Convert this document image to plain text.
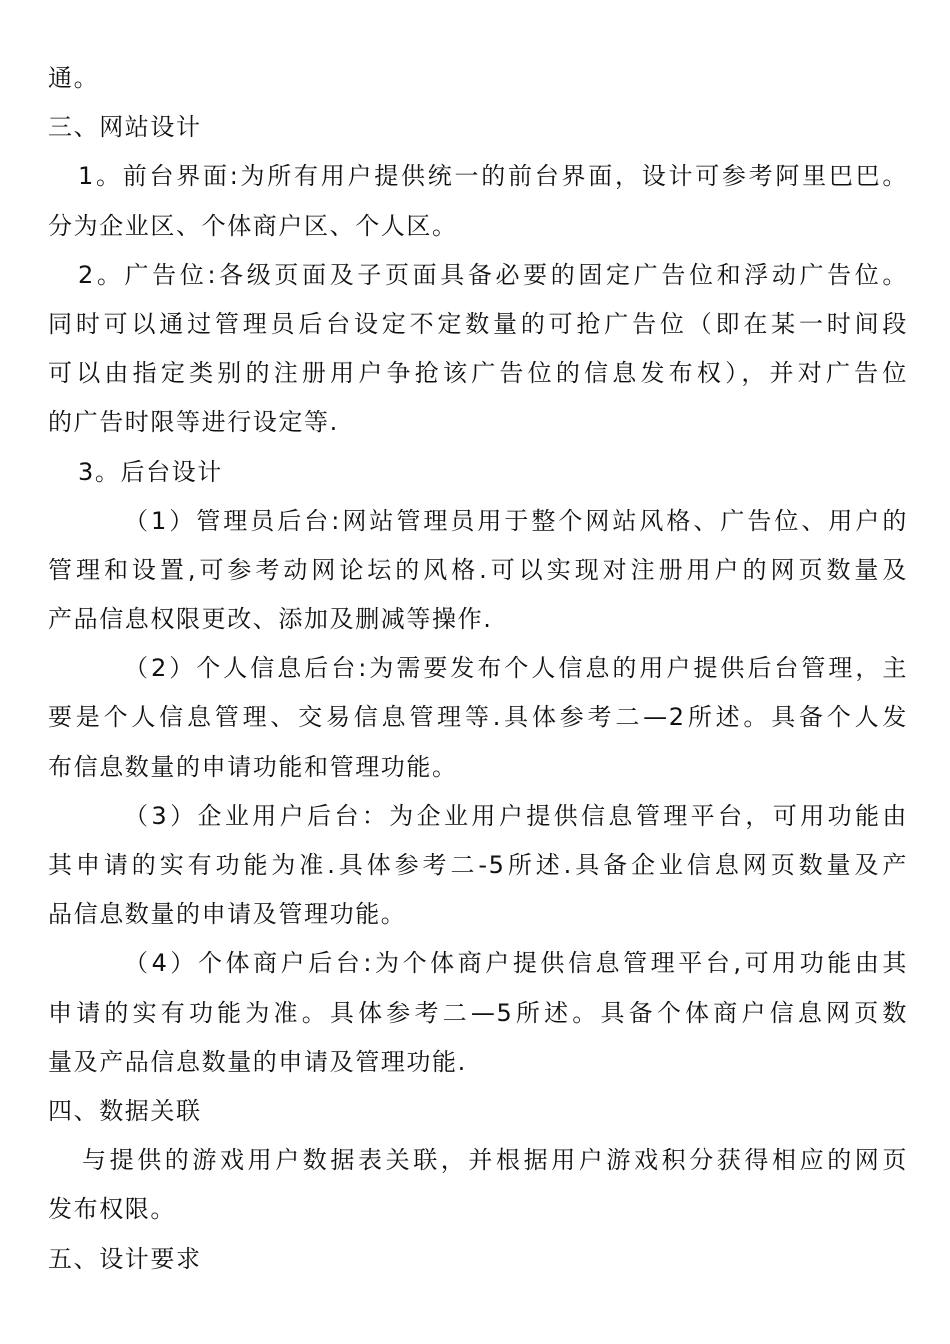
通。
三、网站设计
1。前台界面:为所有用户提供统一的前台界面，设计可参考阿里巴巴。
分为企业区、个体商户区、个人区。
2。广告位:各级页面及子页面具备必要的固定广告位和浮动广告位。
同时可以通过管理员后台设定不定数量的可抢广告位（即在某一时间段
可以由指定类别的注册用户争抢该广告位的信息发布权），并对广告位
的广告时限等进行设定等.
3。后台设计
（1）管理员后台:网站管理员用于整个网站风格、广告位、用户的
管理和设置,可参考动网论坛的风格.可以实现对注册用户的网页数量及
产品信息权限更改、添加及删减等操作.
（2）个人信息后台:为需要发布个人信息的用户提供后台管理，主
要是个人信息管理、交易信息管理等.具体参考二—2所述。具备个人发
布信息数量的申请功能和管理功能。
（3）企业用户后台：为企业用户提供信息管理平台，可用功能由
其申请的实有功能为准.具体参考二-5所述.具备企业信息网页数量及产
品信息数量的申请及管理功能。
（4）个体商户后台:为个体商户提供信息管理平台,可用功能由其
申请的实有功能为准。具体参考二—5所述。具备个体商户信息网页数
量及产品信息数量的申请及管理功能.
四、数据关联
与提供的游戏用户数据表关联，并根据用户游戏积分获得相应的网页
发布权限。
五、设计要求
